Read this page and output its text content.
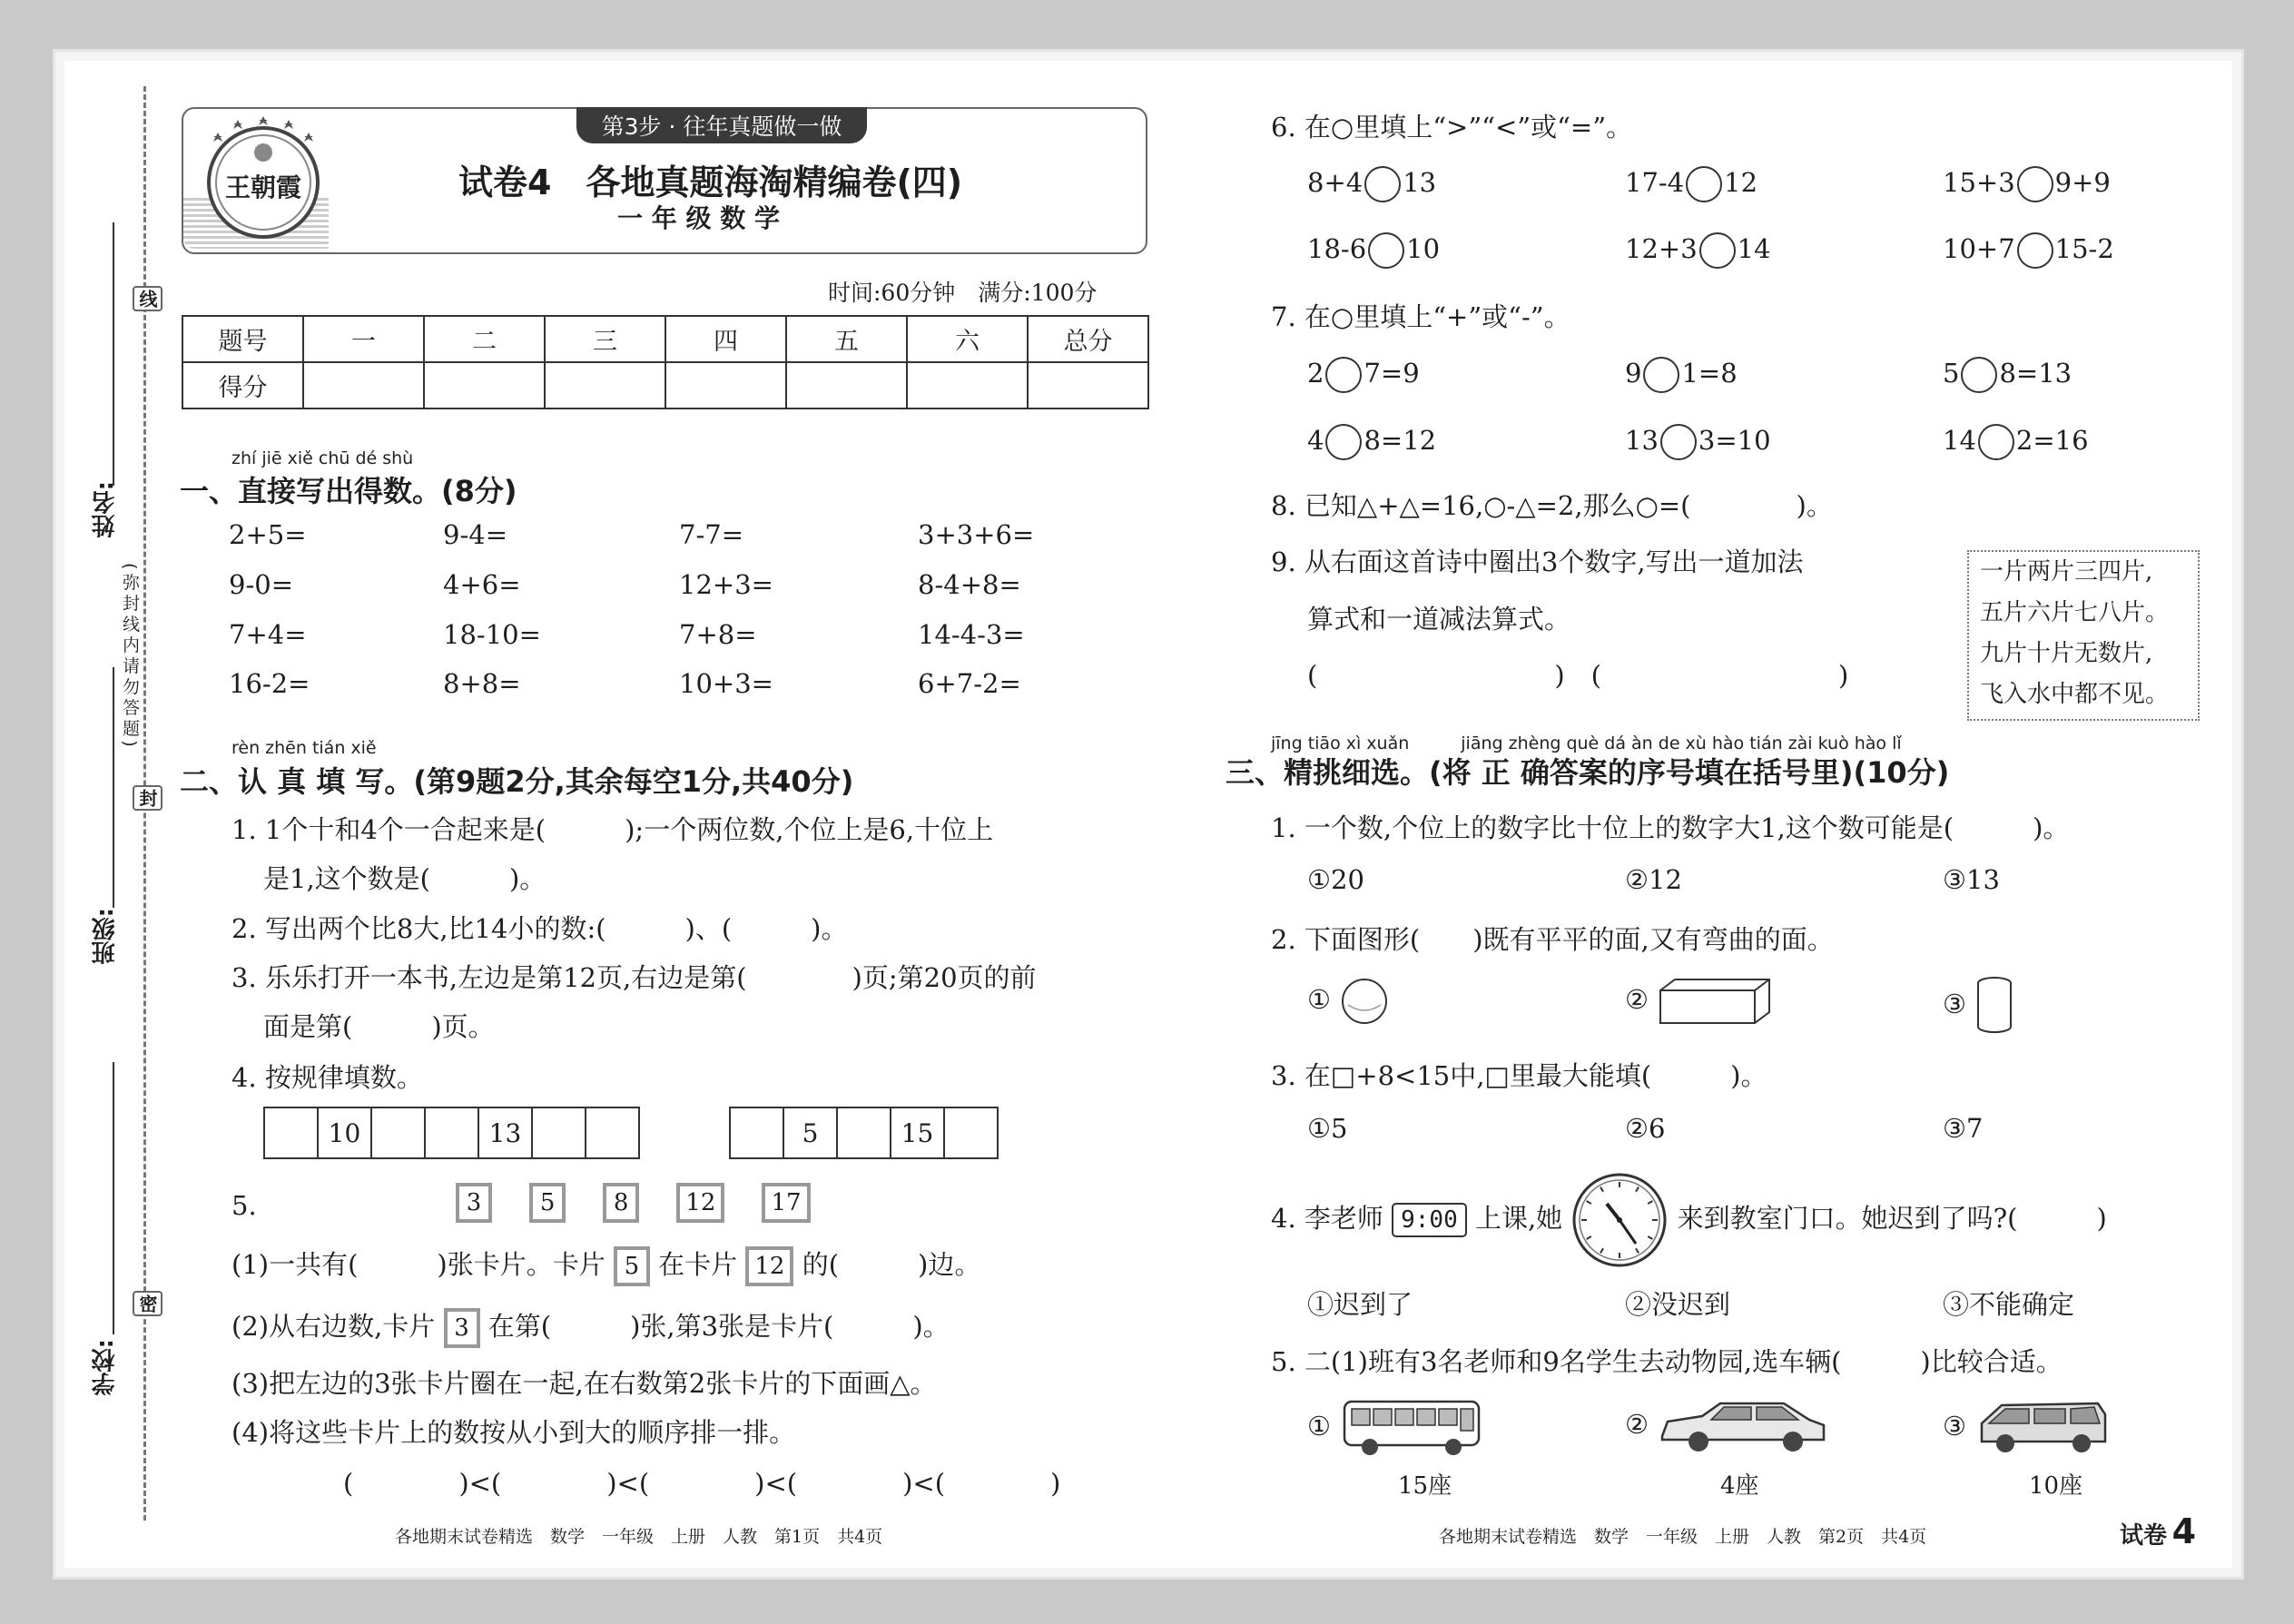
线
封
密
(弥封线内请勿答题)
姓名:
班级:
学校:
第3步 · 往年真题做一做
王朝霞	试卷4　各地真题海淘精编卷(四)
一 年 级 数 学
时间:60分钟　满分:100分
题号	一	二	三	四	五	六	总分
得分							
zhí jiē xiě chū dé shù
一、直接写出得数。(8分)
2+5=	9-4=	7-7=	3+3+6=
9-0=	4+6=	12+3=	8-4+8=
7+4=	18-10=	7+8=	14-4-3=
16-2=	8+8=	10+3=	6+7-2=
rèn zhēn tián xiě
二、认 真 填 写。(第9题2分,其余每空1分,共40分)
1. 1个十和4个一合起来是(　　　);一个两位数,个位上是6,十位上
是1,这个数是(　　　)。
2. 写出两个比8大,比14小的数:(　　　)、(　　　)。
3. 乐乐打开一本书,左边是第12页,右边是第(　　　　)页;第20页的前
面是第(　　　)页。
4. 按规律填数。
	10			13		
		5		15	
5.	3 5 8 12 17
(1)一共有(　　　)张卡片。卡片 5 在卡片 12 的(　　　)边。
(2)从右边数,卡片 3 在第(　　　)张,第3张是卡片(　　　)。
(3)把左边的3张卡片圈在一起,在右数第2张卡片的下面画△。
(4)将这些卡片上的数按从小到大的顺序排一排。
(　　　　)<(　　　　)<(　　　　)<(　　　　)<(　　　　)
6. 在○里填上“>”“<”或“=”。
8+4 13	17-4 12	15+3 9+9
18-6 10	12+3 14	10+7 15-2
7. 在○里填上“+”或“-”。
2 7=9	9 1=8	5 8=13
4 8=12	13 3=10	14 2=16
8. 已知△+△=16,○-△=2,那么○=(　　　　)。
9. 从右面这首诗中圈出3个数字,写出一道加法
算式和一道减法算式。
(　　　　　　　　　)　(　　　　　　　　　)
一片两片三四片,
五片六片七八片。
九片十片无数片,
飞入水中都不见。
jīng tiāo xì xuǎn　　　jiāng zhèng què dá àn de xù hào tián zài kuò hào lǐ
三、精挑细选。(将 正 确答案的序号填在括号里)(10分)
1. 一个数,个位上的数字比十位上的数字大1,这个数可能是(　　　)。
①20	②12	③13
2. 下面图形(　　)既有平平的面,又有弯曲的面。
①	②	③
3. 在□+8<15中,□里最大能填(　　　)。
①5	②6	③7
4. 李老师 9:00 上课,她	来到教室门口。她迟到了吗?(　　　)
①迟到了	②没迟到	③不能确定
5. 二(1)班有3名老师和9名学生去动物园,选车辆(　　　)比较合适。
①	②	③
15座	4座	10座
各地期末试卷精选　数学　一年级　上册　人教　第1页　共4页	各地期末试卷精选　数学　一年级　上册　人教　第2页　共4页	试卷 4
